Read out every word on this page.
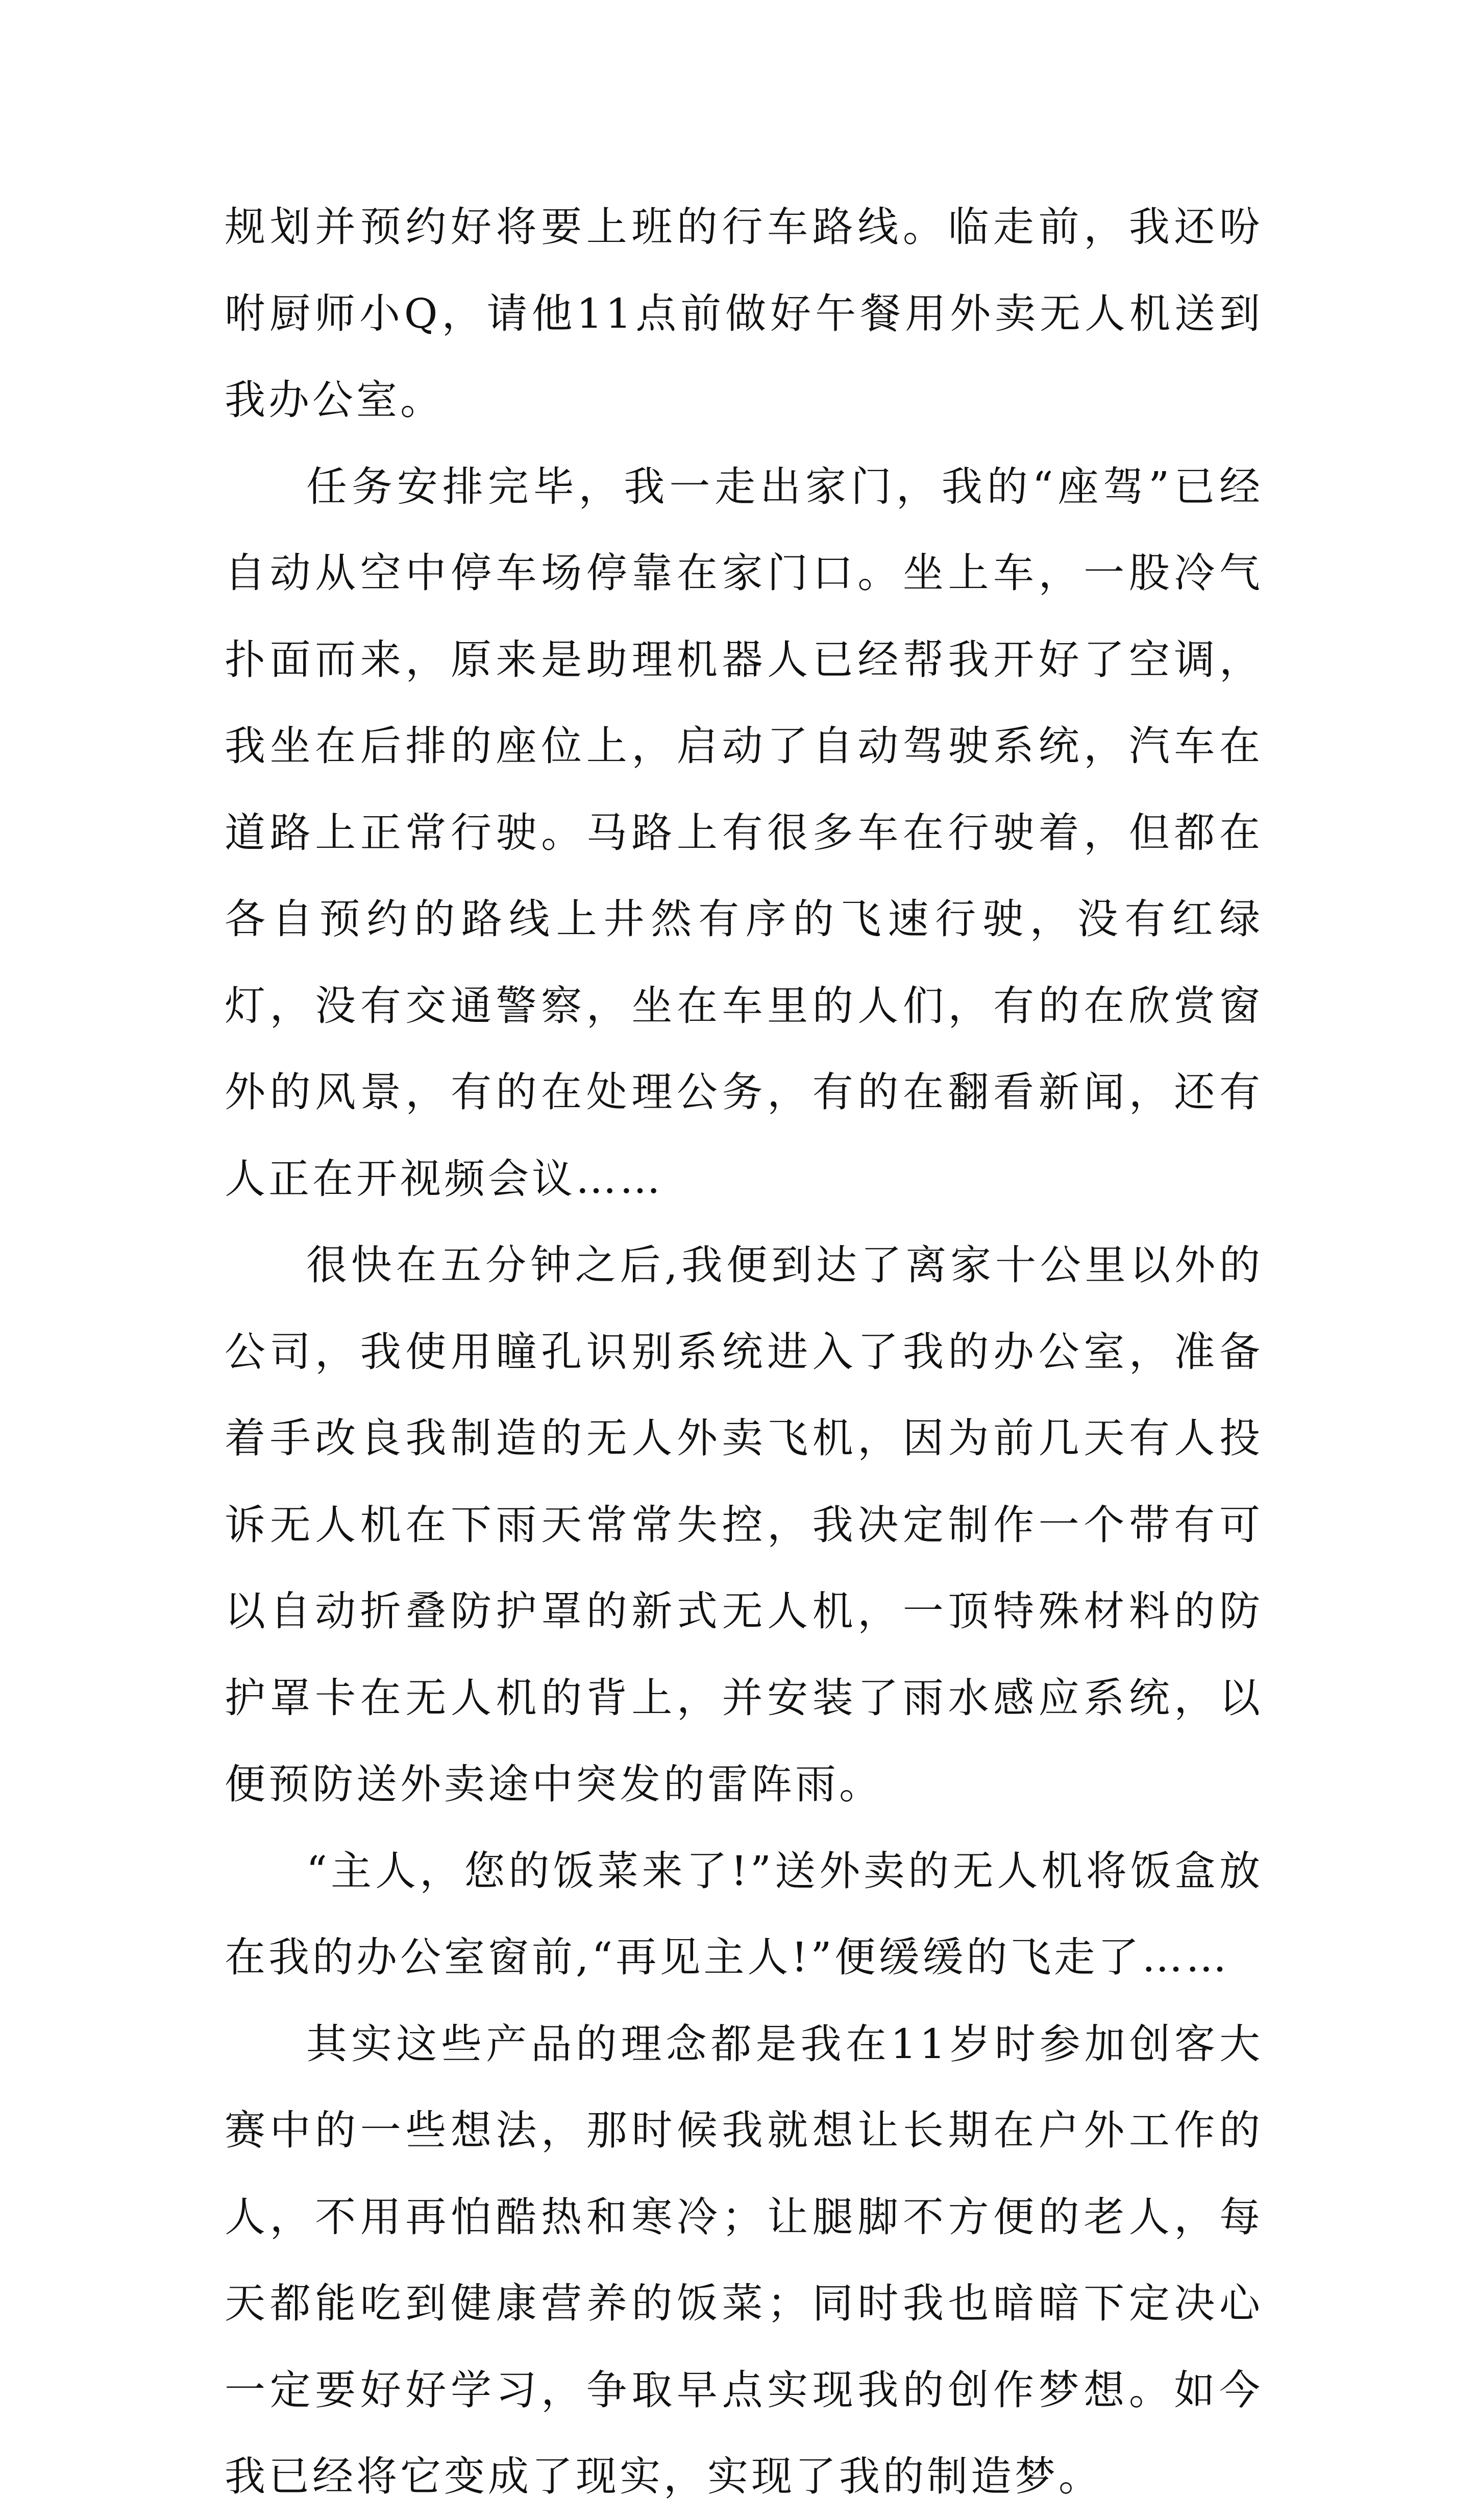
规划并预约好将要上班的行车路线。临走前，我还吩咐厨师小Q，请他11点前做好午餐用外卖无人机送到我办公室。

任务安排完毕，我一走出家门，我的“座驾”已经自动从空中停车场停靠在家门口。坐上车，一股冷气扑面而来，原来是助理机器人已经帮我开好了空调，我坐在后排的座位上，启动了自动驾驶系统，汽车在道路上正常行驶。马路上有很多车在行驶着，但都在各自预约的路线上井然有序的飞速行驶，没有红绿灯，没有交通警察，坐在车里的人们，有的在欣赏窗外的风景，有的在处理公务，有的在翻看新闻，还有人正在开视频会议……

很快在五分钟之后,我便到达了离家十公里以外的公司，我使用瞳孔识别系统进入了我的办公室，准备着手改良我制造的无人外卖飞机，因为前几天有人投诉无人机在下雨天常常失控，我决定制作一个带有可以自动折叠防护罩的新式无人机，一顶特殊材料的防护罩卡在无人机的背上，并安装了雨水感应系统，以便预防送外卖途中突发的雷阵雨。

“主人，您的饭菜来了!”送外卖的无人机将饭盒放在我的办公室窗前,“再见主人!”便缓缓的飞走了……

其实这些产品的理念都是我在11岁时参加创客大赛中的一些想法，那时候我就想让长期在户外工作的人，不用再怕酷热和寒冷；让腿脚不方便的老人，每天都能吃到健康营养的饭菜；同时我也暗暗下定决心一定要好好学习，争取早点实现我的创作梦想。如今我已经将它变成了现实，实现了我的制造梦。
